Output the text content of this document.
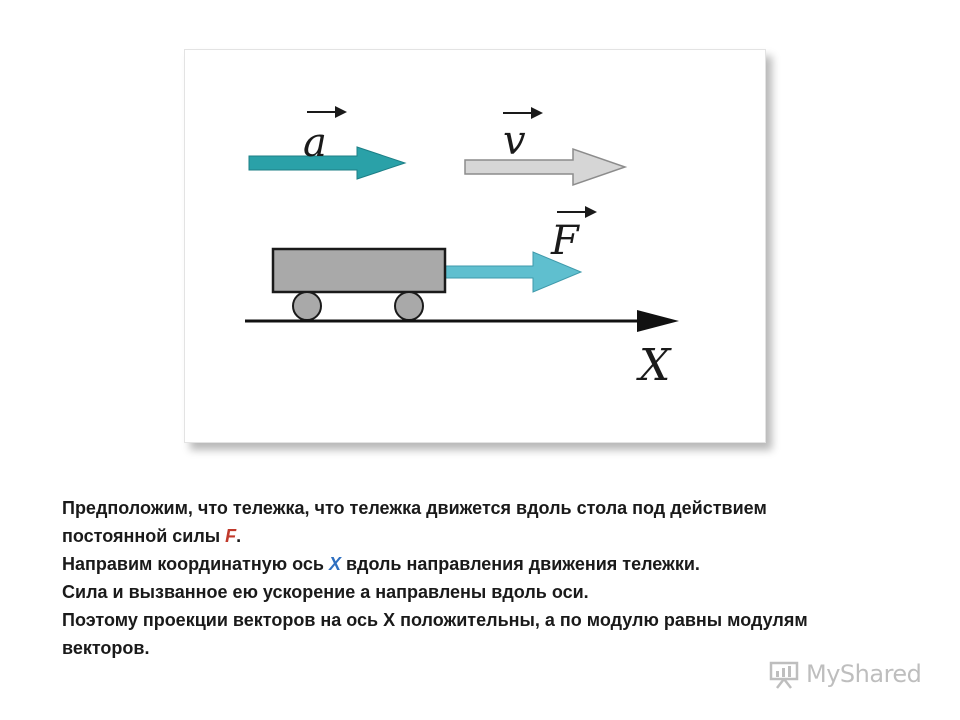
a	v
F
X

Предположим, что тележка, что тележка движется вдоль стола под действием

постоянной силы F.

Направим координатную ось X вдоль направления движения тележки.

Сила и вызванное ею ускорение а направлены вдоль оси.

Поэтому проекции векторов на ось X положительны, а по модулю равны модулям

векторов.

MyShared
